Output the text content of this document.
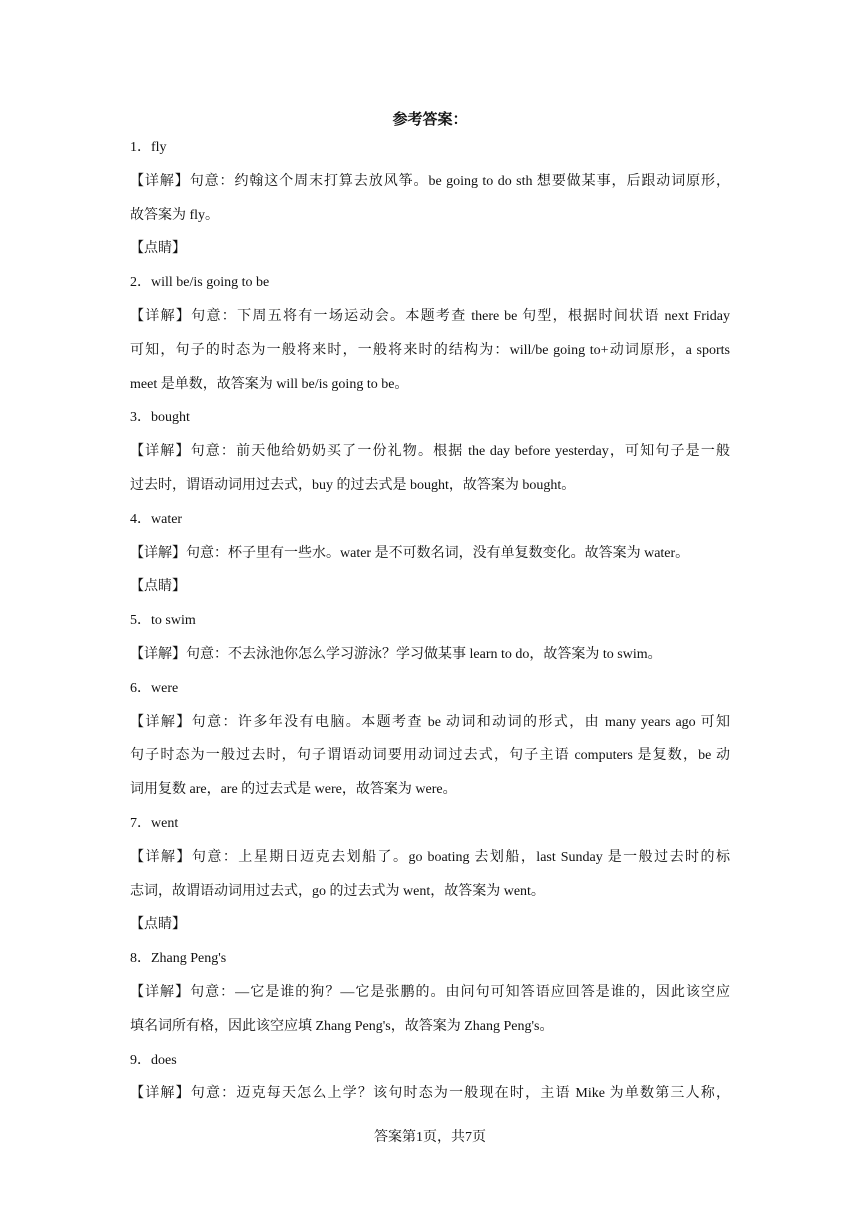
参考答案：
1．fly
【详解】句意：约翰这个周末打算去放风筝。be going to do sth 想要做某事，后跟动词原形，
故答案为 fly。
【点睛】
2．will be/is going to be
【详解】句意：下周五将有一场运动会。本题考查 there be 句型，根据时间状语 next Friday
可知，句子的时态为一般将来时，一般将来时的结构为：will/be going to+动词原形，a sports
meet 是单数，故答案为 will be/is going to be。
3．bought
【详解】句意：前天他给奶奶买了一份礼物。根据 the day before yesterday，可知句子是一般
过去时，谓语动词用过去式，buy 的过去式是 bought，故答案为 bought。
4．water
【详解】句意：杯子里有一些水。water 是不可数名词，没有单复数变化。故答案为 water。
【点睛】
5．to swim
【详解】句意：不去泳池你怎么学习游泳？学习做某事 learn to do，故答案为 to swim。
6．were
【详解】句意：许多年没有电脑。本题考查 be 动词和动词的形式，由 many years ago 可知
句子时态为一般过去时，句子谓语动词要用动词过去式，句子主语 computers 是复数，be 动
词用复数 are，are 的过去式是 were，故答案为 were。
7．went
【详解】句意：上星期日迈克去划船了。go boating 去划船，last Sunday 是一般过去时的标
志词，故谓语动词用过去式，go 的过去式为 went，故答案为 went。
【点睛】
8．Zhang Peng's
【详解】句意：—它是谁的狗？—它是张鹏的。由问句可知答语应回答是谁的，因此该空应
填名词所有格，因此该空应填 Zhang Peng's，故答案为 Zhang Peng's。
9．does
【详解】句意：迈克每天怎么上学？该句时态为一般现在时，主语 Mike 为单数第三人称，
答案第1页，共7页
